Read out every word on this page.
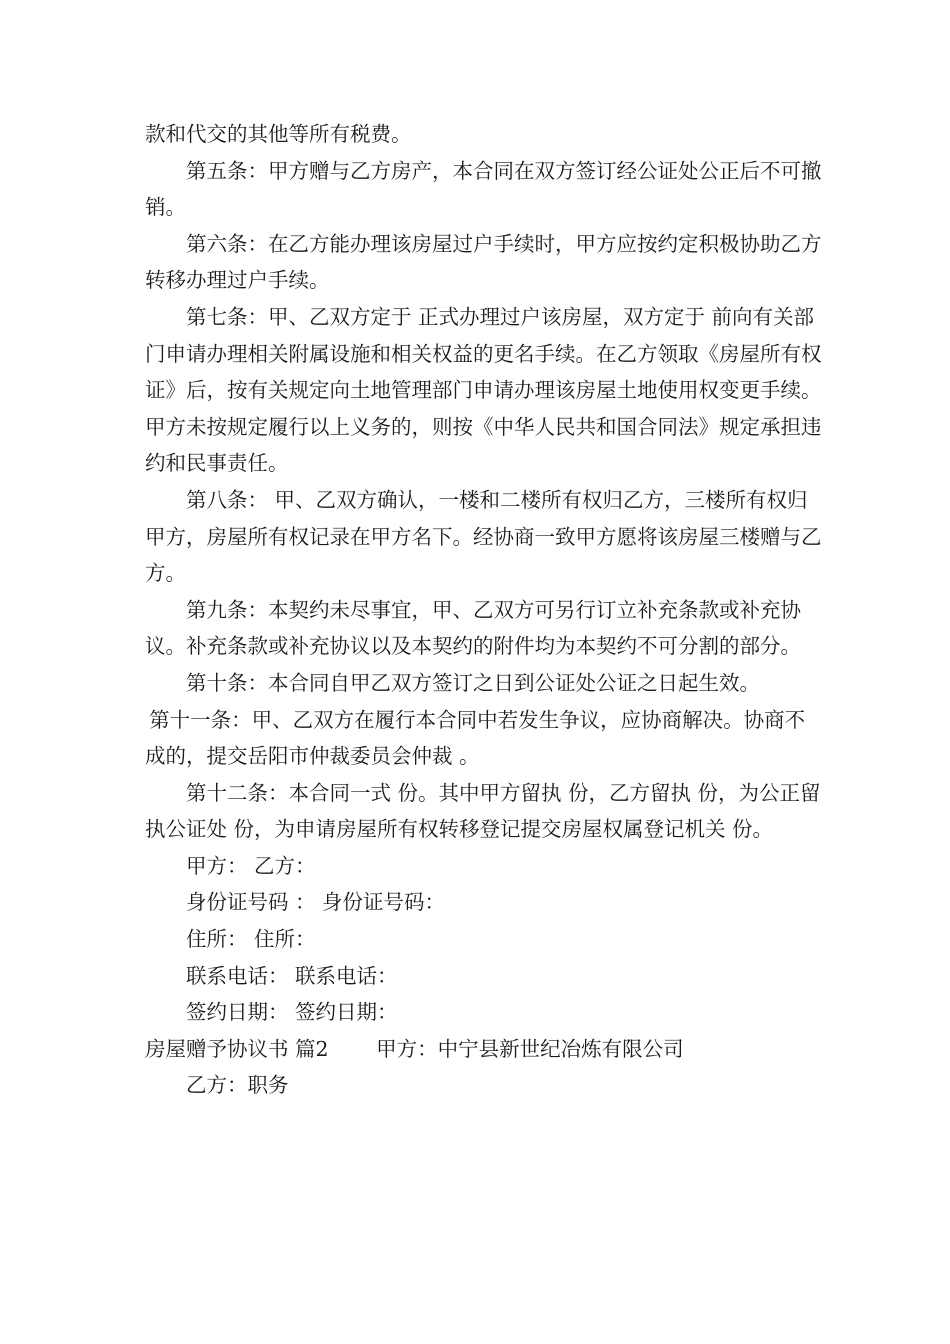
款和代交的其他等所有税费。

第五条：甲方赠与乙方房产，本合同在双方签订经公证处公正后不可撤销。

第六条：在乙方能办理该房屋过户手续时，甲方应按约定积极协助乙方转移办理过户手续。

第七条：甲、乙双方定于 正式办理过户该房屋，双方定于 前向有关部门申请办理相关附属设施和相关权益的更名手续。在乙方领取《房屋所有权证》后，按有关规定向土地管理部门申请办理该房屋土地使用权变更手续。甲方未按规定履行以上义务的，则按《中华人民共和国合同法》规定承担违约和民事责任。

第八条： 甲、乙双方确认，一楼和二楼所有权归乙方，三楼所有权归甲方，房屋所有权记录在甲方名下。经协商一致甲方愿将该房屋三楼赠与乙方。

第九条：本契约未尽事宜，甲、乙双方可另行订立补充条款或补充协议。补充条款或补充协议以及本契约的附件均为本契约不可分割的部分。

第十条：本合同自甲乙双方签订之日到公证处公证之日起生效。

第十一条：甲、乙双方在履行本合同中若发生争议，应协商解决。协商不成的，提交岳阳市仲裁委员会仲裁 。

第十二条：本合同一式 份。其中甲方留执 份，乙方留执 份，为公正留执公证处 份，为申请房屋所有权转移登记提交房屋权属登记机关 份。

甲方： 乙方：

身份证号码 ： 身份证号码：

住所： 住所：

联系电话： 联系电话：

签约日期： 签约日期：

房屋赠予协议书 篇2　　 甲方：中宁县新世纪冶炼有限公司

乙方：职务
